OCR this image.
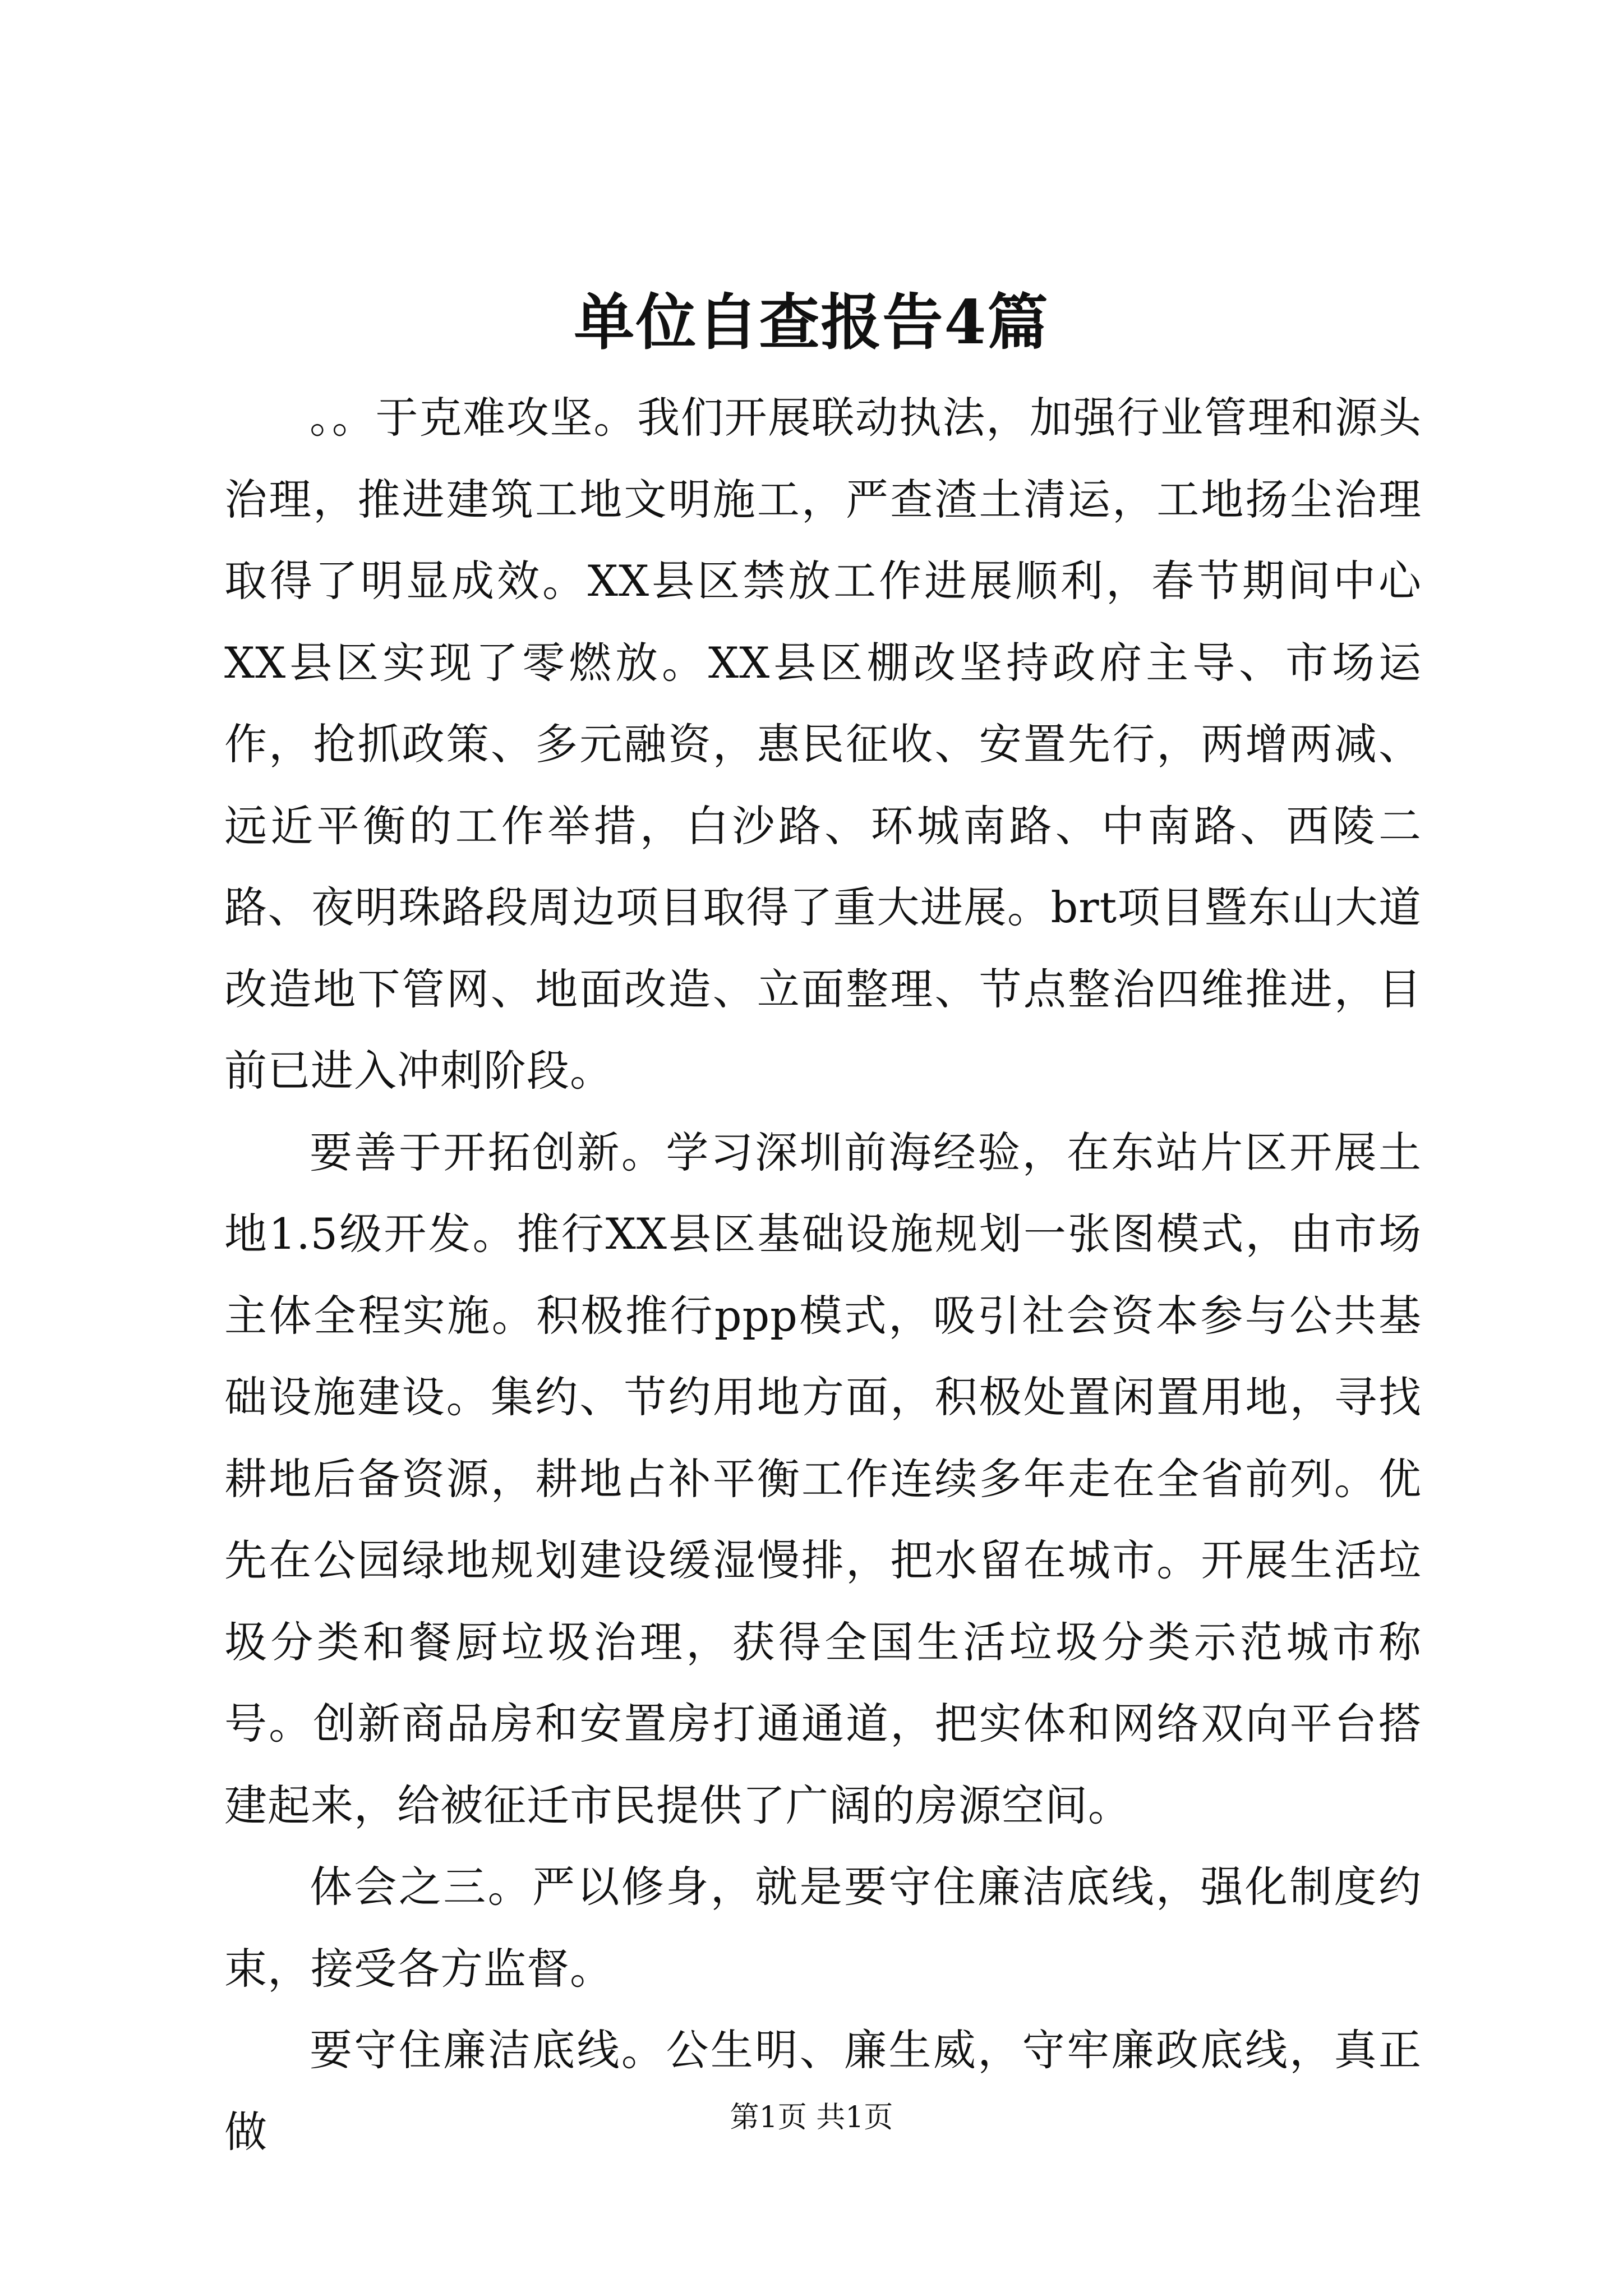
单位自查报告4篇

。。于克难攻坚。我们开展联动执法，加强行业管理和源头治理，推进建筑工地文明施工，严查渣土清运，工地扬尘治理取得了明显成效。XX县区禁放工作进展顺利，春节期间中心XX县区实现了零燃放。XX县区棚改坚持政府主导、市场运作，抢抓政策、多元融资，惠民征收、安置先行，两增两减、远近平衡的工作举措，白沙路、环城南路、中南路、西陵二路、夜明珠路段周边项目取得了重大进展。brt项目暨东山大道改造地下管网、地面改造、立面整理、节点整治四维推进，目前已进入冲刺阶段。

要善于开拓创新。学习深圳前海经验，在东站片区开展土地1.5级开发。推行XX县区基础设施规划一张图模式，由市场主体全程实施。积极推行ppp模式，吸引社会资本参与公共基础设施建设。集约、节约用地方面，积极处置闲置用地，寻找耕地后备资源，耕地占补平衡工作连续多年走在全省前列。优先在公园绿地规划建设缓湿慢排，把水留在城市。开展生活垃圾分类和餐厨垃圾治理，获得全国生活垃圾分类示范城市称号。创新商品房和安置房打通通道，把实体和网络双向平台搭建起来，给被征迁市民提供了广阔的房源空间。

体会之三。严以修身，就是要守住廉洁底线，强化制度约束，接受各方监督。

要守住廉洁底线。公生明、廉生威，守牢廉政底线，真正做	第1页 共1页
